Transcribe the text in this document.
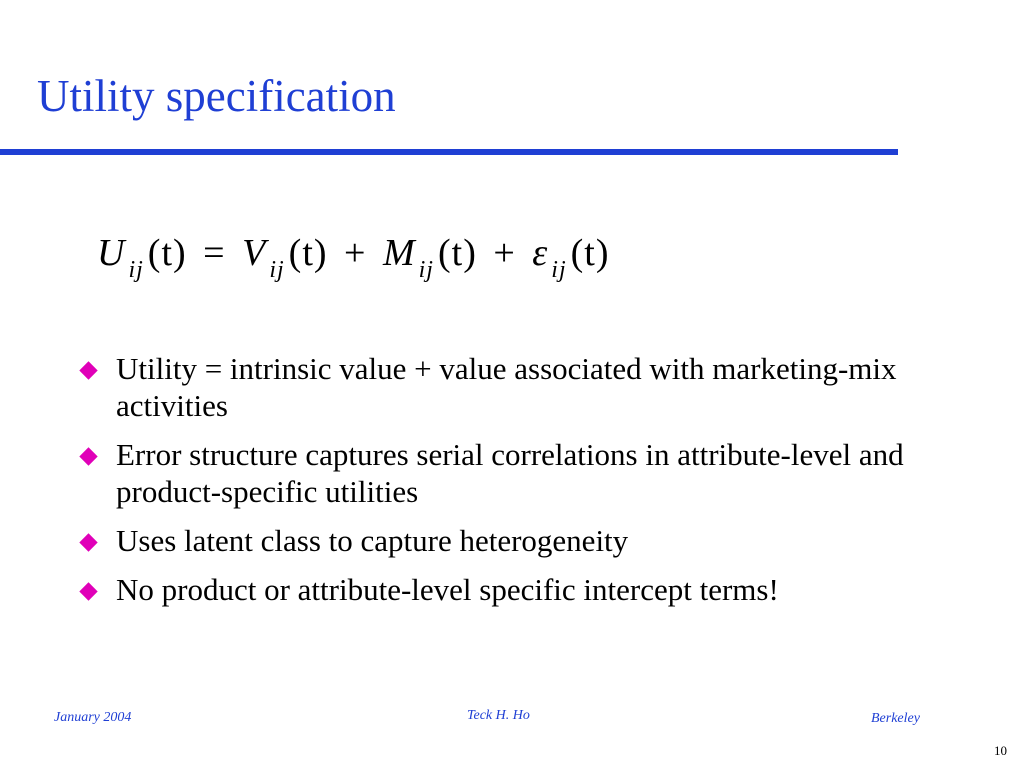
Utility specification
U $_{ij}$ (t) = V $_{ij}$ (t) + M $_{ij}$ (t) + ε $_{ij}$ (t)
Utility = intrinsic value + value associated with marketing-mix activities
Error structure captures serial correlations in attribute-level and product-specific utilities
Uses latent class to capture heterogeneity
No product or attribute-level specific intercept terms!
January 2004	Teck H. Ho	Berkeley
10
